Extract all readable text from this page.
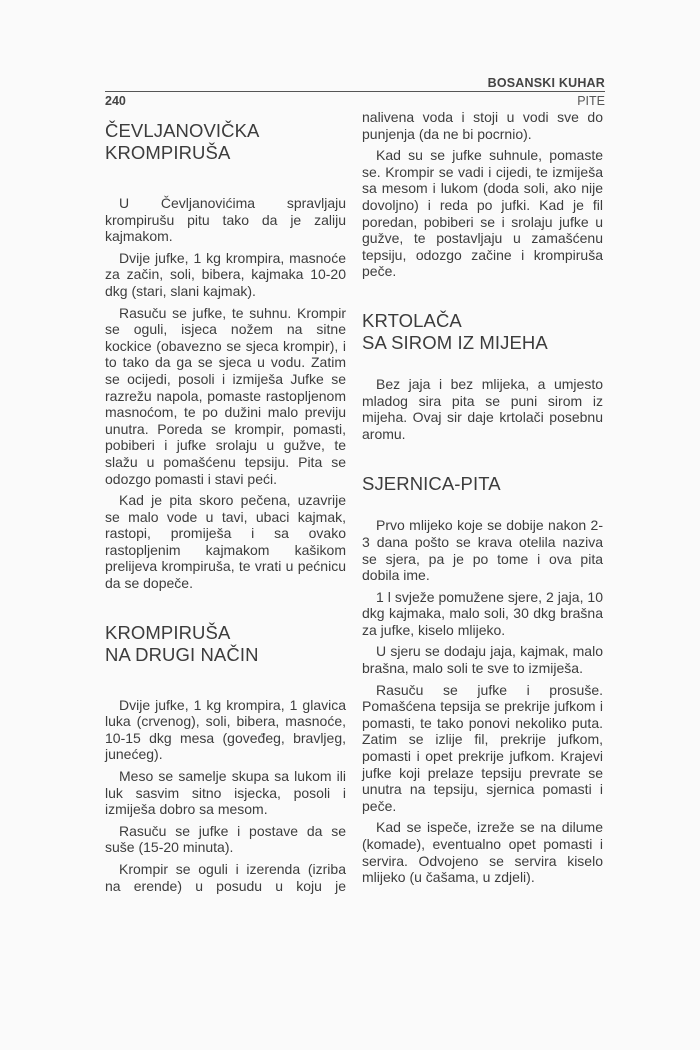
BOSANSKI KUHAR
240	PITE
ČEVLJANOVIČKA
KROMPIRUŠA

U Čevljanovićima spravljaju krompirušu pitu tako da je zaliju kajmakom.

Dvije jufke, 1 kg krompira, masnoće za začin, soli, bibera, kajmaka 10-20 dkg (stari, slani kajmak).

Rasuču se jufke, te suhnu. Krompir se oguli, isjeca nožem na sitne kockice (obavezno se sjeca krompir), i to tako da ga se sjeca u vodu. Zatim se ocijedi, posoli i izmiješa Jufke se razrežu napola, pomaste rastopljenom masnoćom, te po dužini malo previju unutra. Poreda se krompir, pomasti, pobiberi i jufke srolaju u gužve, te slažu u pomašćenu tepsiju. Pita se odozgo pomasti i stavi peći.

Kad je pita skoro pečena, uzavrije se malo vode u tavi, ubaci kajmak, rastopi, promiješa i sa ovako rastopljenim kajmakom kašikom prelijeva krompiruša, te vrati u pećnicu da se dopeče.

KROMPIRUŠA
NA DRUGI NAČIN

Dvije jufke, 1 kg krompira, 1 glavica luka (crvenog), soli, bibera, masnoće, 10-15 dkg mesa (goveđeg, bravljeg, junećeg).

Meso se samelje skupa sa lukom ili luk sasvim sitno isjecka, posoli i izmiješa dobro sa mesom.

Rasuču se jufke i postave da se suše (15-20 minuta).

Krompir se oguli i izerenda (izriba na erende) u posudu u koju je

nalivena voda i stoji u vodi sve do punjenja (da ne bi pocrnio).

Kad su se jufke suhnule, pomaste se. Krompir se vadi i cijedi, te izmiješa sa mesom i lukom (doda soli, ako nije dovoljno) i reda po jufki. Kad je fil poredan, pobiberi se i srolaju jufke u gužve, te postavljaju u zamašćenu tepsiju, odozgo začine i krompiruša peče.

KRTOLAČA
SA SIROM IZ MIJEHA

Bez jaja i bez mlijeka, a umjesto mladog sira pita se puni sirom iz mijeha. Ovaj sir daje krtolači posebnu aromu.

SJERNICA-PITA

Prvo mlijeko koje se dobije nakon 2-3 dana pošto se krava otelila naziva se sjera, pa je po tome i ova pita dobila ime.

1 l svježe pomužene sjere, 2 jaja, 10 dkg kajmaka, malo soli, 30 dkg brašna za jufke, kiselo mlijeko.

U sjeru se dodaju jaja, kajmak, malo brašna, malo soli te sve to izmiješa.

Rasuču se jufke i prosuše. Pomašćena tepsija se prekrije jufkom i pomasti, te tako ponovi nekoliko puta. Zatim se izlije fil, prekrije jufkom, pomasti i opet prekrije jufkom. Krajevi jufke koji prelaze tepsiju prevrate se unutra na tepsiju, sjernica pomasti i peče.

Kad se ispeče, izreže se na dilume (komade), eventualno opet pomasti i servira. Odvojeno se servira kiselo mlijeko (u čašama, u zdjeli).
